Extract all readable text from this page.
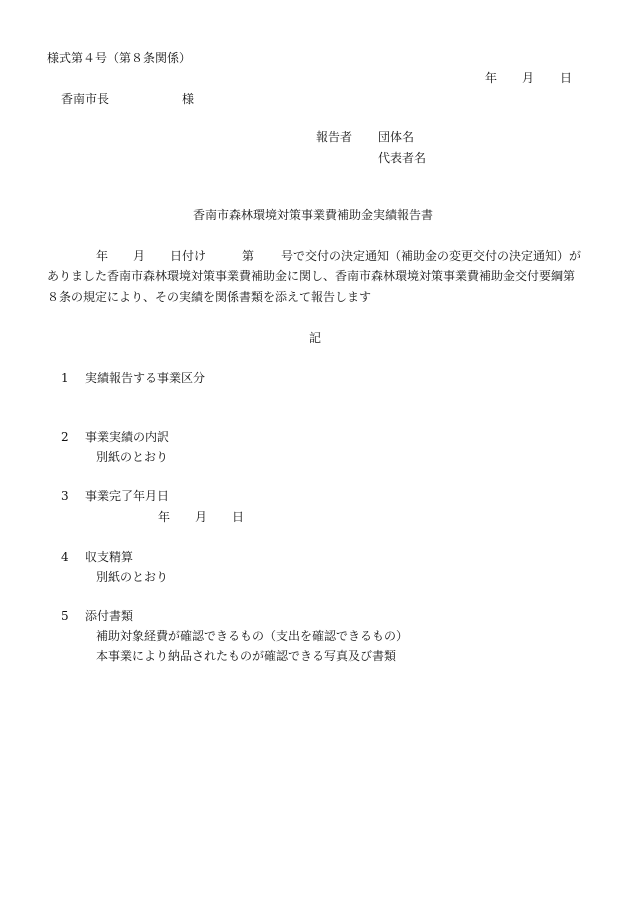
様式第４号（第８条関係）
年 月 日
香南市長	様
報告者 団体名
代表者名
香南市森林環境対策事業費補助金実績報告書
年 月 日付け	第 号で交付の決定通知（補助金の変更交付の決定通知）が
ありました香南市森林環境対策事業費補助金に関し、香南市森林環境対策事業費補助金交付要綱第
８条の規定により、その実績を関係書類を添えて報告します
記
1 実績報告する事業区分
2 事業実績の内訳
別紙のとおり
3 事業完了年月日
年 月 日
4 収支精算
別紙のとおり
5 添付書類
補助対象経費が確認できるもの（支出を確認できるもの）
本事業により納品されたものが確認できる写真及び書類
